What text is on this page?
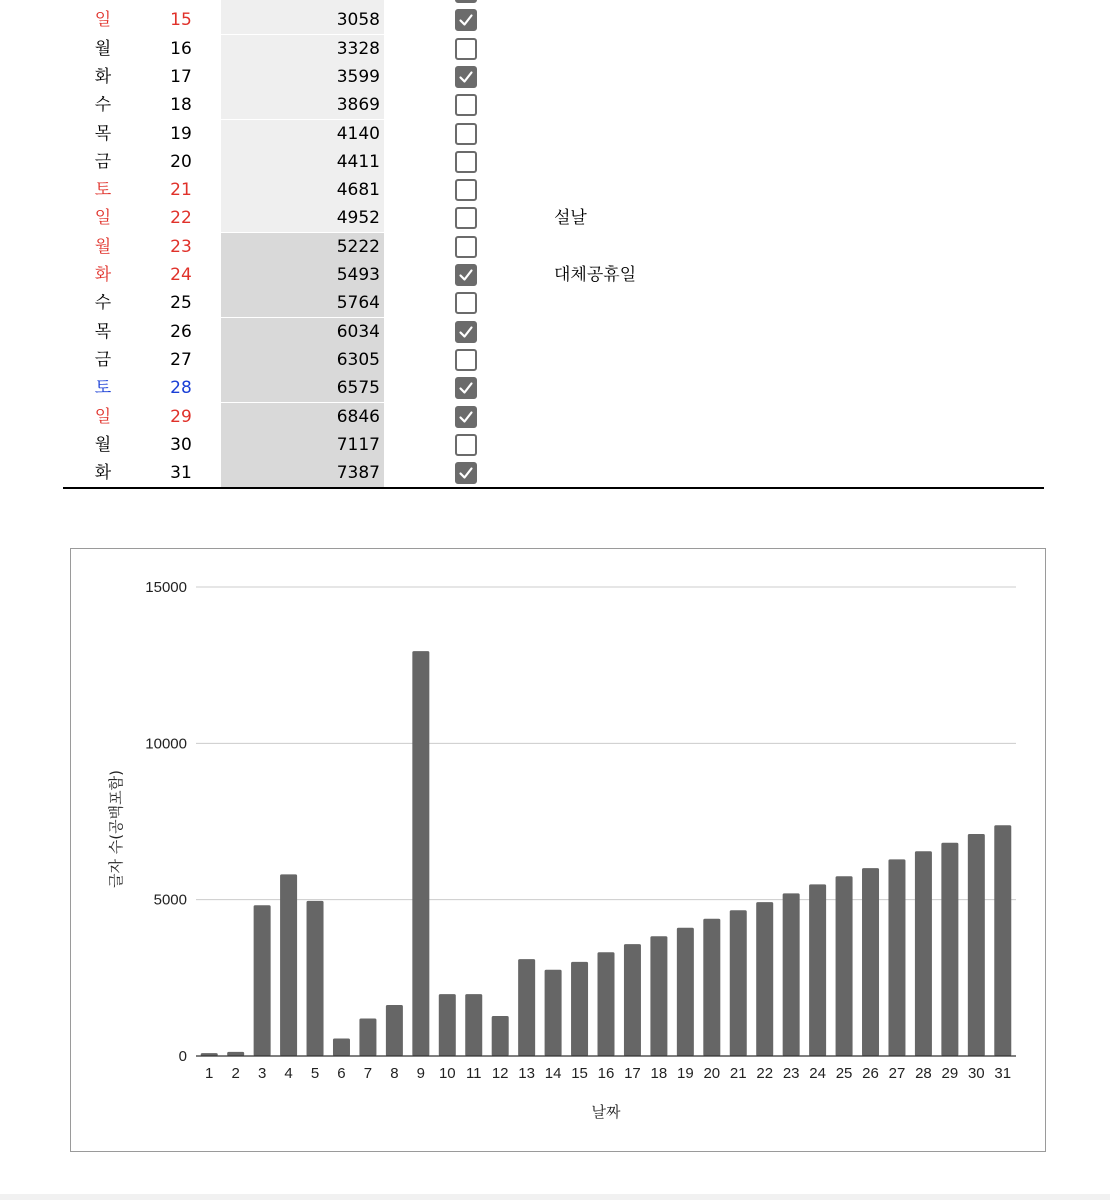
일	15	3058
월	16	3328
화	17	3599
수	18	3869
목	19	4140
금	20	4411
토	21	4681
일	22	4952	설날
월	23	5222
화	24	5493	대체공휴일
수	25	5764
목	26	6034
금	27	6305
토	28	6575
일	29	6846
월	30	7117
화	31	7387
0
5000
10000
15000
1 2 3 4 5 6 7 8 9 10 11 12 13 14 15 16 17 18 19 20 21 22 23 24 25 26 27 28 29 30 31
글자 수(공백포함)
날짜
